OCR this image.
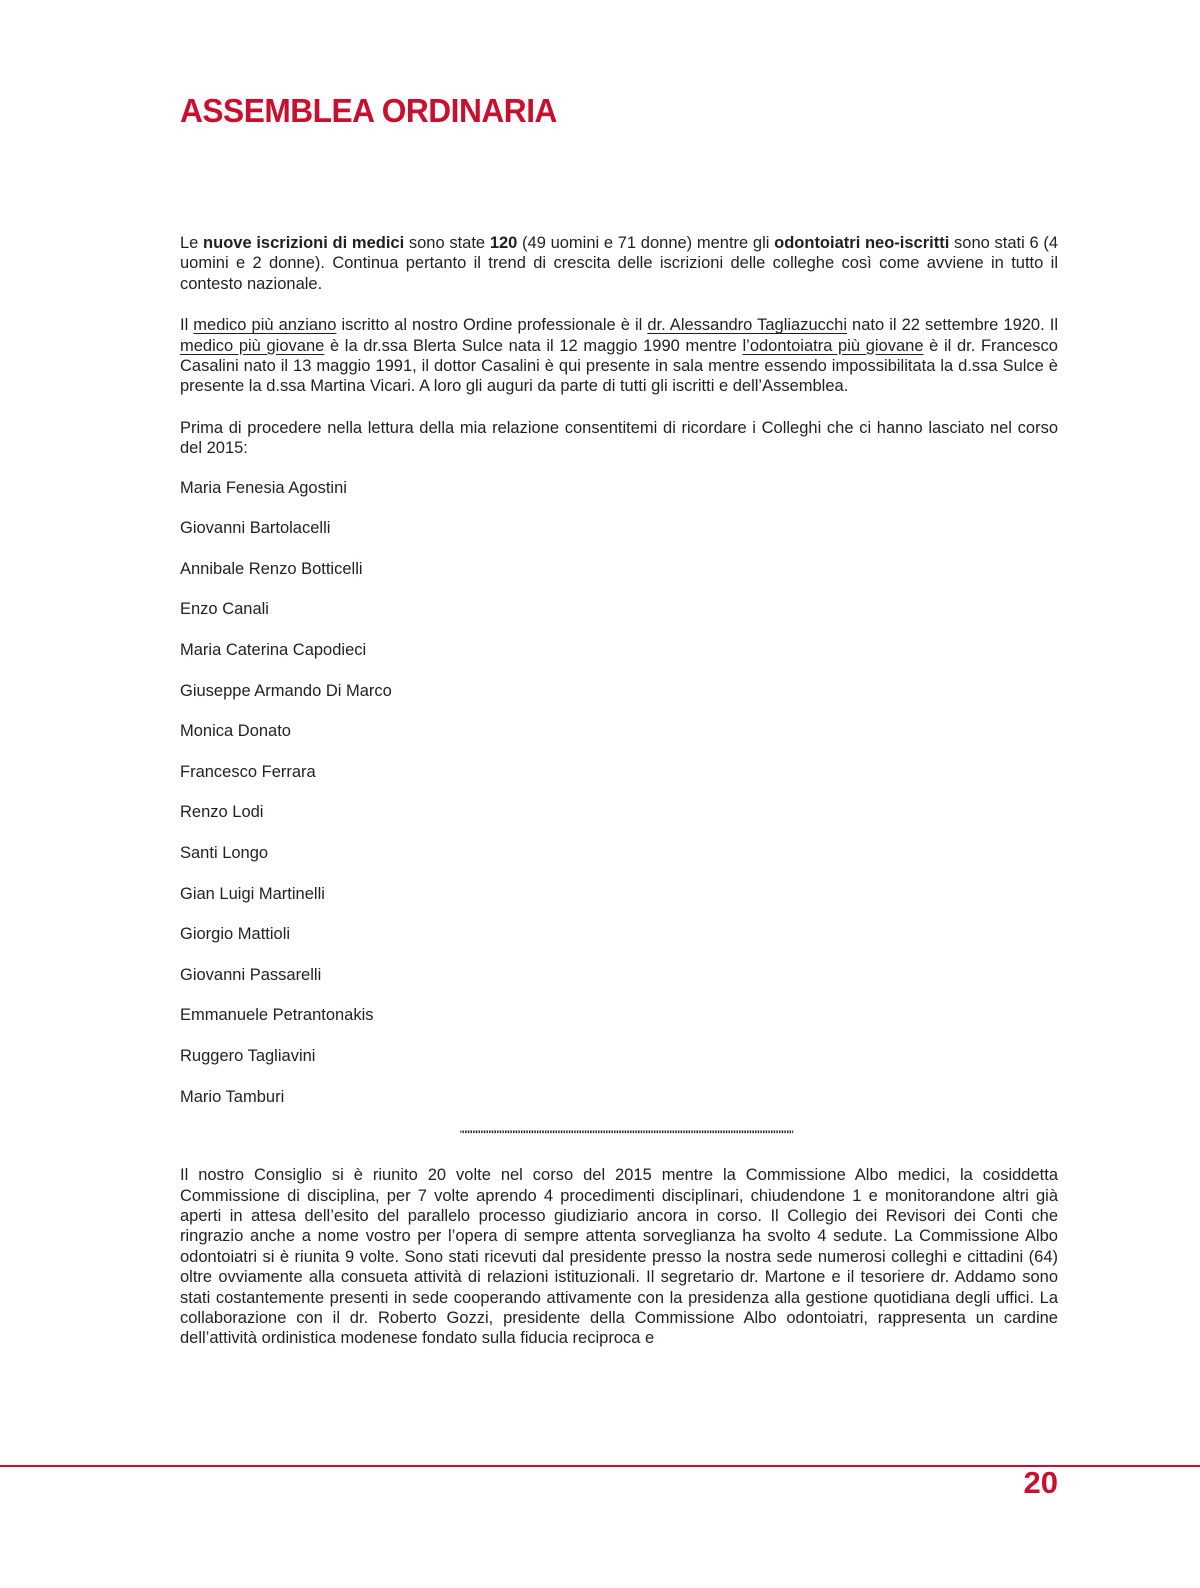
ASSEMBLEA ORDINARIA

Le nuove iscrizioni di medici sono state 120 (49 uomini e 71 donne) mentre gli odontoiatri neo-iscritti sono stati 6 (4 uomini e 2 donne). Continua pertanto il trend di crescita delle iscrizioni delle colleghe così come avviene in tutto il contesto nazionale.

Il medico più anziano iscritto al nostro Ordine professionale è il dr. Alessandro Tagliazucchi nato il 22 settembre 1920. Il medico più giovane è la dr.ssa Blerta Sulce nata il 12 maggio 1990 mentre l’odontoiatra più giovane è il dr. Francesco Casalini nato il 13 maggio 1991, il dottor Casalini è qui presente in sala mentre essendo impossibilitata la d.ssa Sulce è presente la d.ssa Martina Vicari. A loro gli auguri da parte di tutti gli iscritti e dell’Assemblea.

Prima di procedere nella lettura della mia relazione consentitemi di ricordare i Colleghi che ci hanno lasciato nel corso del 2015:

Maria Fenesia Agostini
Giovanni Bartolacelli
Annibale Renzo Botticelli
Enzo Canali
Maria Caterina Capodieci
Giuseppe Armando Di Marco
Monica Donato
Francesco Ferrara
Renzo Lodi
Santi Longo
Gian Luigi Martinelli
Giorgio Mattioli
Giovanni Passarelli
Emmanuele Petrantonakis
Ruggero Tagliavini
Mario Tamburi
"""""""""""""""""""""""""""""""""""""""""""""""""""""""""""""""""""""""""""""""""""""""""""""""""""""""""""""""""""""""""""""

Il nostro Consiglio si è riunito 20 volte nel corso del 2015 mentre la Commissione Albo medici, la cosiddetta Commissione di disciplina, per 7 volte aprendo 4 procedimenti disciplinari, chiudendone 1 e monitorandone altri già aperti in attesa dell’esito del parallelo processo giudiziario ancora in corso. Il Collegio dei Revisori dei Conti che ringrazio anche a nome vostro per l’opera di sempre attenta sorveglianza ha svolto 4 sedute. La Commissione Albo odontoiatri si è riunita 9 volte. Sono stati ricevuti dal presidente presso la nostra sede numerosi colleghi e cittadini (64) oltre ovviamente alla consueta attività di relazioni istituzionali. Il segretario dr. Martone e il tesoriere dr. Addamo sono stati costantemente presenti in sede cooperando attivamente con la presidenza alla gestione quotidiana degli uffici. La collaborazione con il dr. Roberto Gozzi, presidente della Commissione Albo odontoiatri, rappresenta un cardine dell’attività ordinistica modenese fondato sulla fiducia reciproca e

20
